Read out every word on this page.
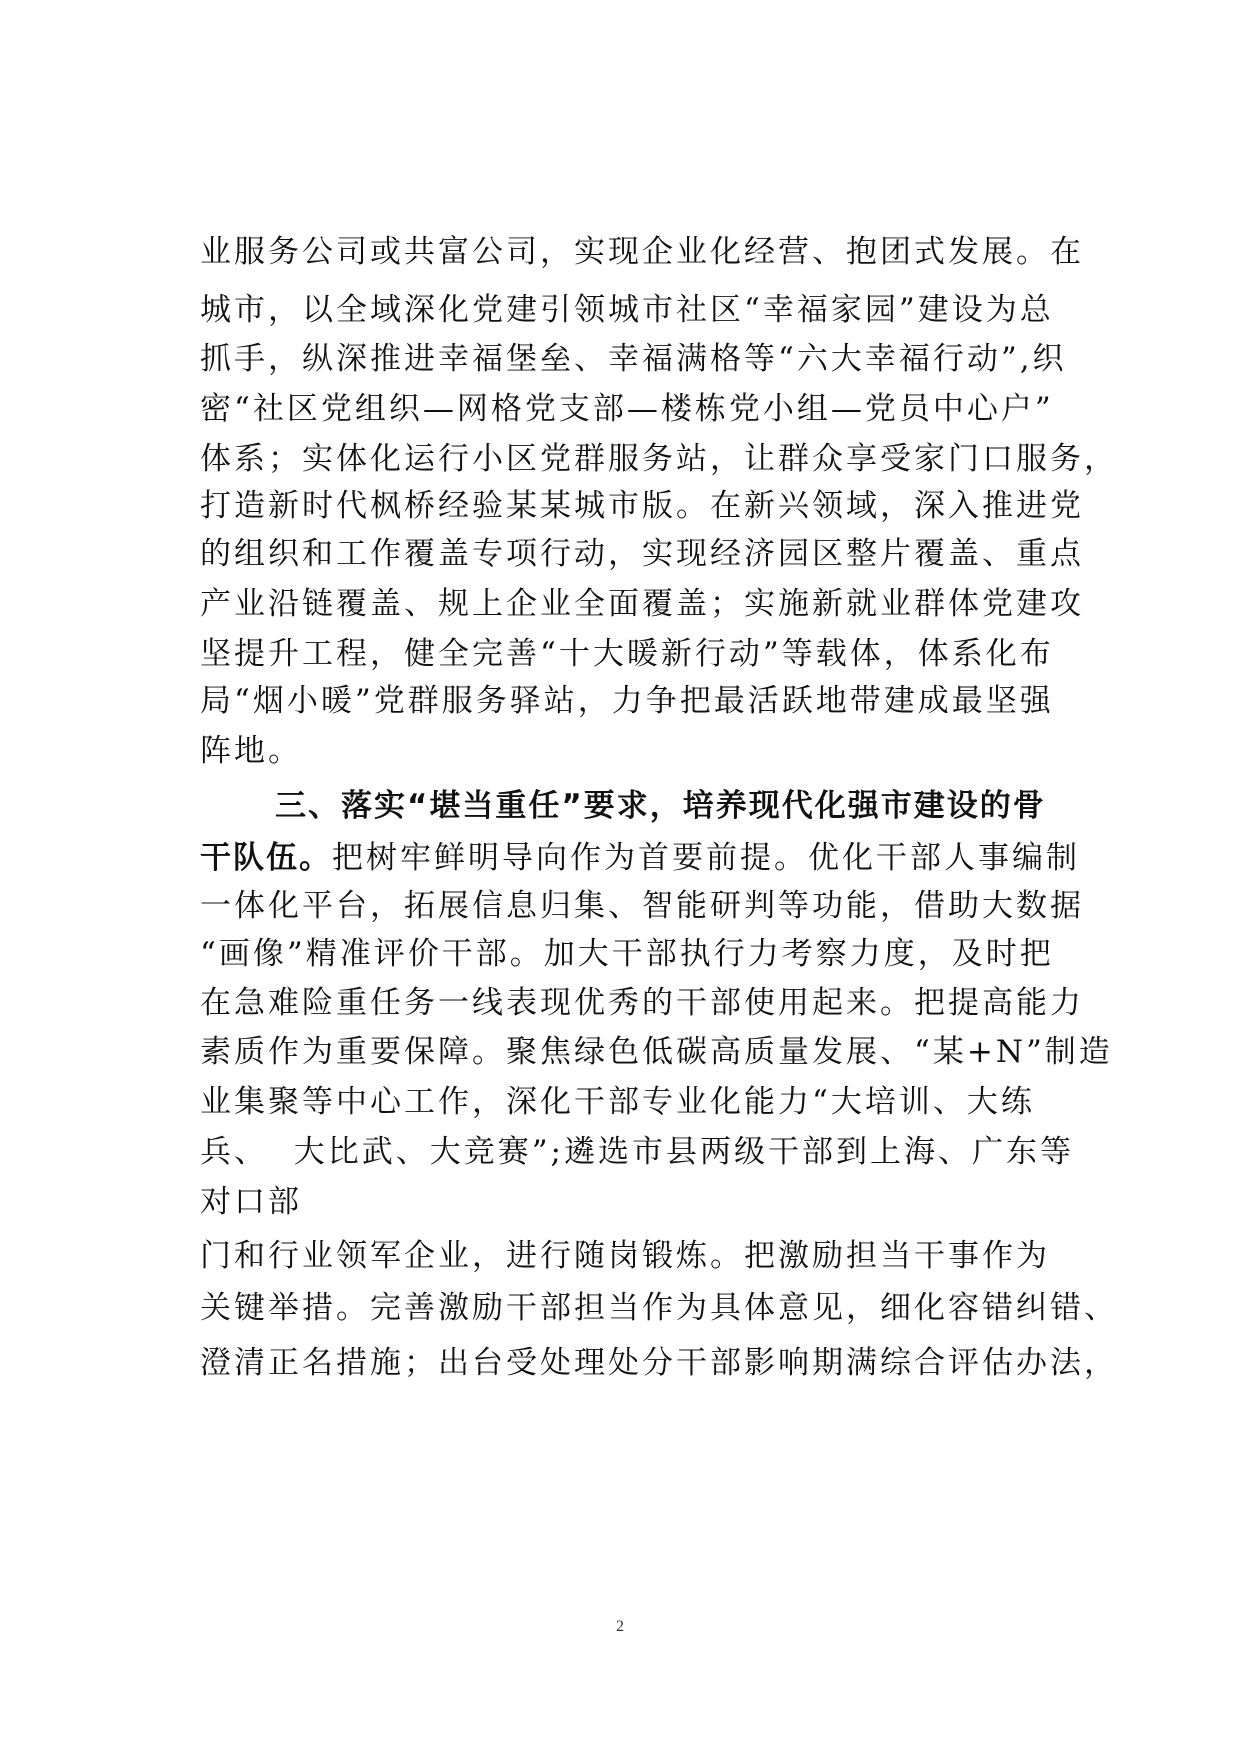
业服务公司或共富公司，实现企业化经营、抱团式发展。在
城市，以全域深化党建引领城市社区“幸福家园”建设为总
抓手，纵深推进幸福堡垒、幸福满格等“六大幸福行动”,织
密“社区党组织—网格党支部—楼栋党小组—党员中心户”
体系；实体化运行小区党群服务站，让群众享受家门口服务，
打造新时代枫桥经验某某城市版。在新兴领域，深入推进党
的组织和工作覆盖专项行动，实现经济园区整片覆盖、重点
产业沿链覆盖、规上企业全面覆盖；实施新就业群体党建攻
坚提升工程，健全完善“十大暖新行动”等载体，体系化布
局“烟小暖”党群服务驿站，力争把最活跃地带建成最坚强
阵地。
三、落实“堪当重任”要求，培养现代化强市建设的骨
干队伍。把树牢鲜明导向作为首要前提。优化干部人事编制
一体化平台，拓展信息归集、智能研判等功能，借助大数据
“画像”精准评价干部。加大干部执行力考察力度，及时把
在急难险重任务一线表现优秀的干部使用起来。把提高能力
素质作为重要保障。聚焦绿色低碳高质量发展、“某+N”制造
业集聚等中心工作，深化干部专业化能力“大培训、大练
兵、  大比武、大竞赛”;遴选市县两级干部到上海、广东等
对口部
门和行业领军企业，进行随岗锻炼。把激励担当干事作为
关键举措。完善激励干部担当作为具体意见，细化容错纠错、
澄清正名措施；出台受处理处分干部影响期满综合评估办法，
2
